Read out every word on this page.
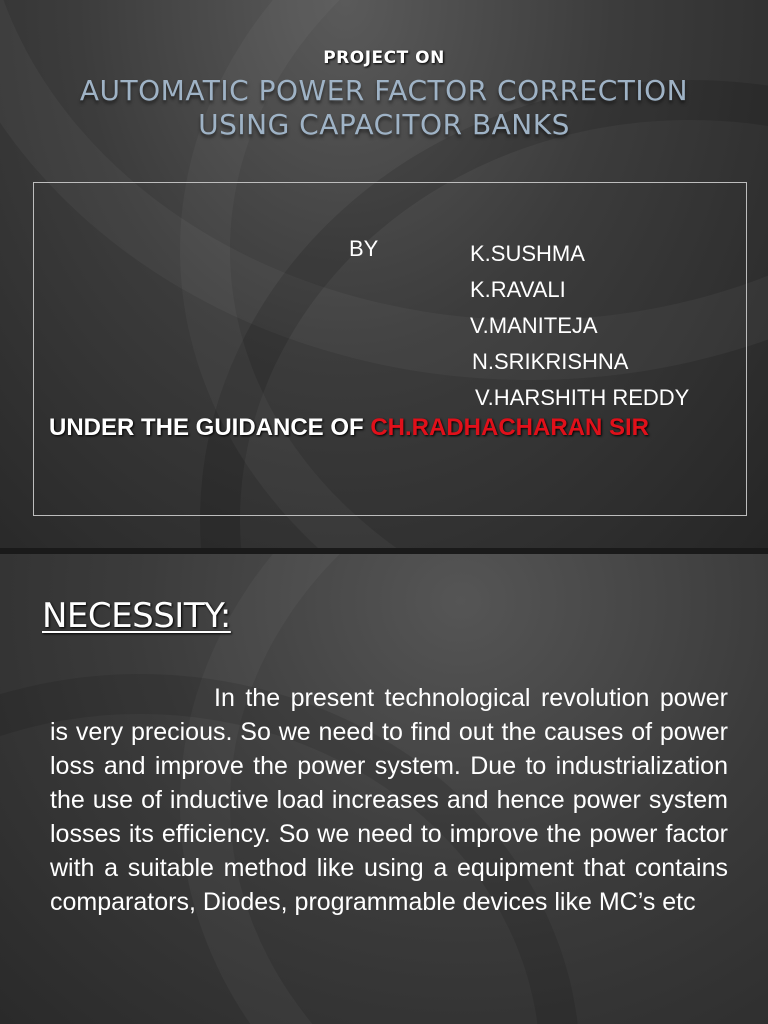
PROJECT ON
AUTOMATIC POWER FACTOR CORRECTION
USING CAPACITOR BANKS
BY	K.SUSHMA
K.RAVALI
V.MANITEJA
N.SRIKRISHNA
V.HARSHITH REDDY
UNDER THE GUIDANCE OF CH.RADHACHARAN SIR
NECESSITY:

In the present technological revolution power is very precious. So we need to find out the causes of power loss and improve the power system. Due to industrialization the use of inductive load increases and hence power system losses its efficiency. So we need to improve the power factor with a suitable method like using a equipment that contains comparators, Diodes, programmable devices like MC’s etc
